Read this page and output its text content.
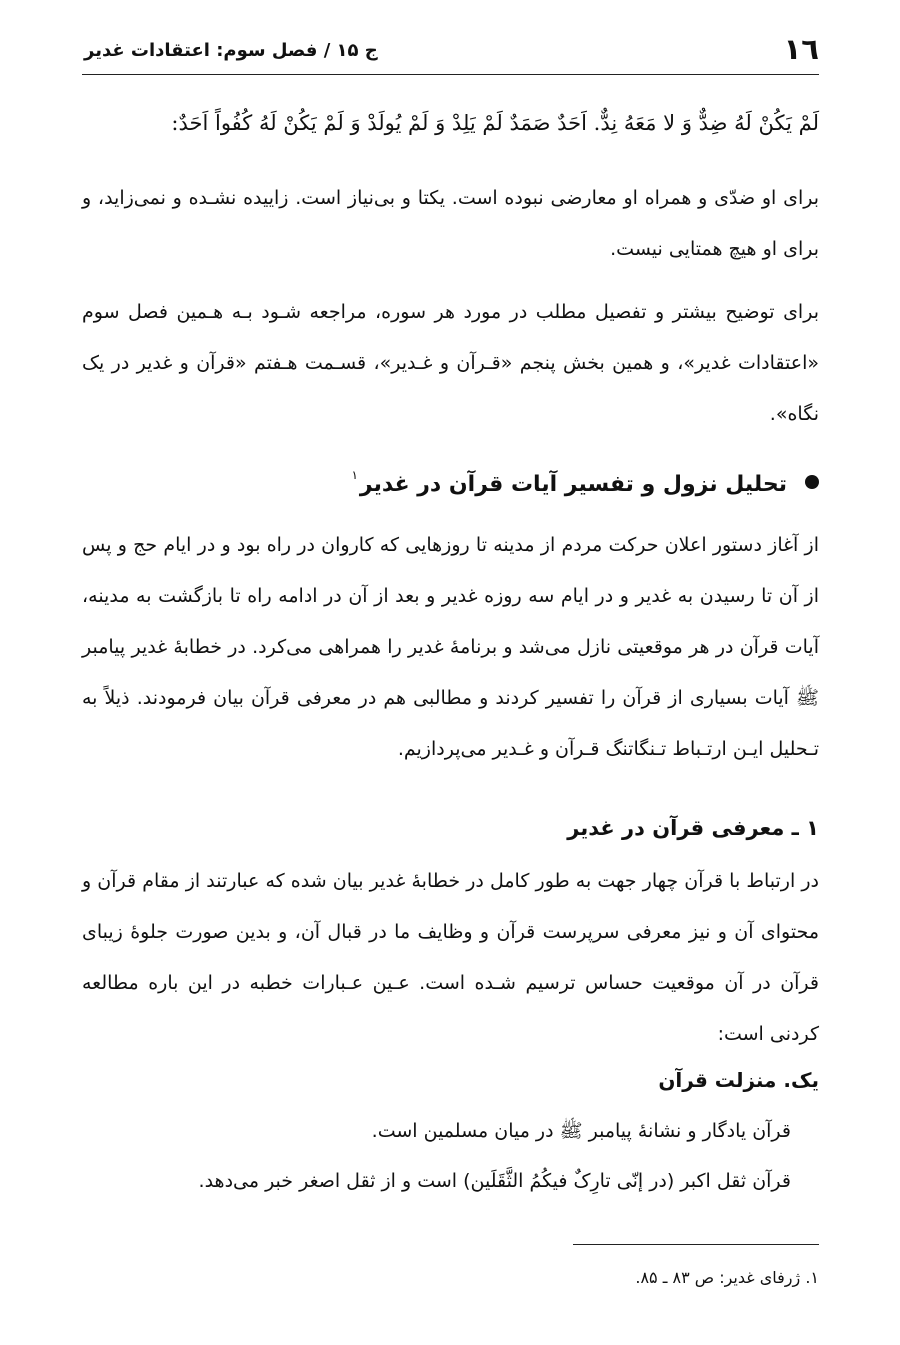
١٦
ج ۱۵ / فصل سوم: اعتقادات غدیر
لَمْ يَكُنْ لَهُ ضِدٌّ وَ لا مَعَهُ نِدٌّ. اَحَدٌ صَمَدٌ لَمْ يَلِدْ وَ لَمْ يُولَدْ وَ لَمْ يَكُنْ لَهُ كُفُواً اَحَدٌ:
برای او ضدّی و همراه او معارضی نبوده است. یکتا و بی‌نیاز است. زاییده نشـده و نمی‌زاید، و برای او هیچ همتایی نیست.
برای توضیح بیشتر و تفصیل مطلب در مورد هر سوره، مراجعه شـود بـه هـمین فصل سوم «اعتقادات غدیر»، و همین بخش پنجم «قـرآن و غـدیر»، قسـمت هـفتم «قرآن و غدیر در یک نگاه».
تحلیل نزول و تفسیر آیات قرآن در غدیر$^۱$
از آغاز دستور اعلان حرکت مردم از مدینه تا روزهایی که کاروان در راه بود و در ایام حج و پس از آن تا رسیدن به غدیر و در ایام سه روزه غدیر و بعد از آن در ادامه راه تا بازگشت به مدینه، آیات قرآن در هر موقعیتی نازل می‌شد و برنامهٔ غدیر را همراهی می‌کرد. در خطابهٔ غدیر پیامبر ﷺ آیات بسیاری از قرآن را تفسیر کردند و مطالبی هم در معرفی قرآن بیان فرمودند. ذیلاً به تـحلیل ایـن ارتـباط تـنگاتنگ قـرآن و غـدیر می‌پردازیم.
۱ ـ معرفی قرآن در غدیر
در ارتباط با قرآن چهار جهت به طور کامل در خطابهٔ غدیر بیان شده که عبارتند از مقام قرآن و محتوای آن و نیز معرفی سرپرست قرآن و وظایف ما در قبال آن، و بدین صورت جلوهٔ زیبای قرآن در آن موقعیت حساس ترسیم شـده است. عـین عـبارات خطبه در این باره مطالعه کردنی است:
یک. منزلت قرآن
قرآن یادگار و نشانهٔ پیامبر ﷺ در میان مسلمین است.
قرآن ثقل اکبر (در إنّی تارِکٌ فیکُمُ الثَّقَلَین) است و از ثقل اصغر خبر می‌دهد.
۱. ژرفای غدیر: ص ۸۳ ـ ۸۵.
